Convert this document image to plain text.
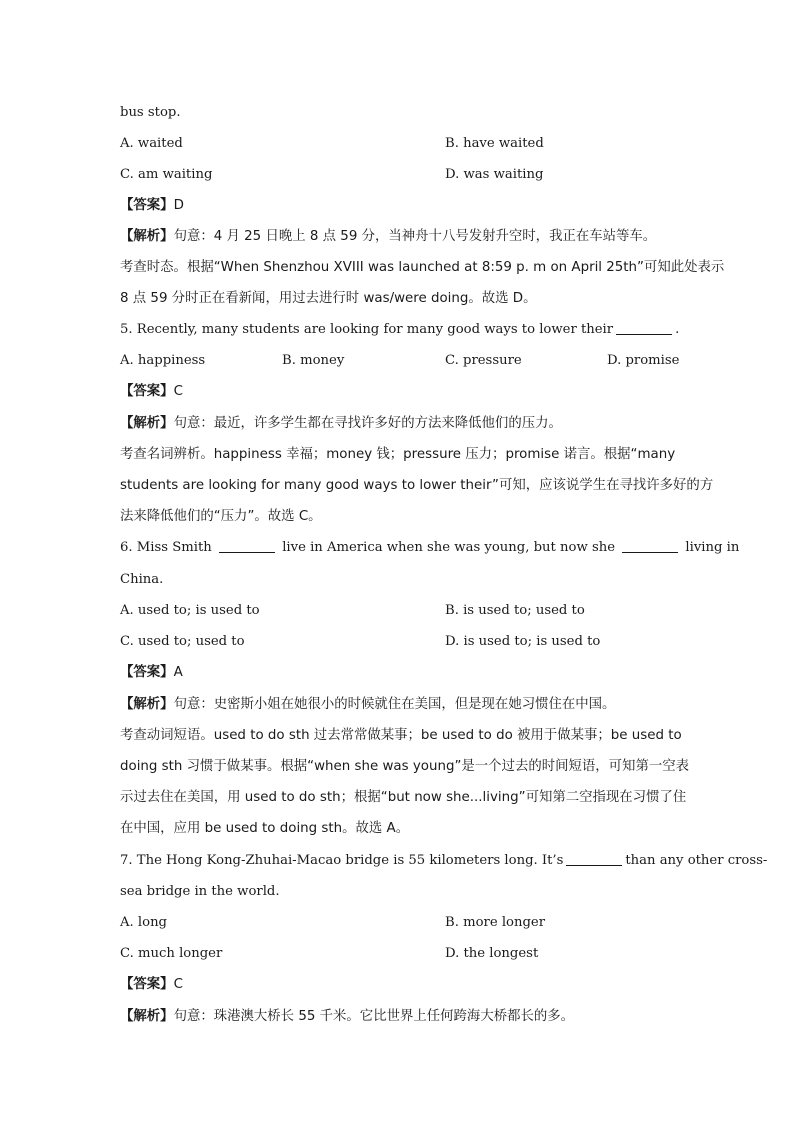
bus stop.
A. waited	B. have waited
C. am waiting	D. was waiting
【答案】D
【解析】句意：4 月 25 日晚上 8 点 59 分，当神舟十八号发射升空时，我正在车站等车。
考查时态。根据“When Shenzhou XVIII was launched at 8:59 p. m on April 25th”可知此处表示
8 点 59 分时正在看新闻，用过去进行时 was/were doing。故选 D。
5. Recently, many students are looking for many good ways to lower their	.
A. happiness	B. money	C. pressure	D. promise
【答案】C
【解析】句意：最近，许多学生都在寻找许多好的方法来降低他们的压力。
考查名词辨析。happiness 幸福；money 钱；pressure 压力；promise 诺言。根据“many
students are looking for many good ways to lower their”可知，应该说学生在寻找许多好的方
法来降低他们的“压力”。故选 C。
6. Miss Smith	live in America when she was young, but now she	living in
China.
A. used to; is used to	B. is used to; used to
C. used to; used to	D. is used to; is used to
【答案】A
【解析】句意：史密斯小姐在她很小的时候就住在美国，但是现在她习惯住在中国。
考查动词短语。used to do sth 过去常常做某事；be used to do 被用于做某事；be used to
doing sth 习惯于做某事。根据“when she was young”是一个过去的时间短语，可知第一空表
示过去住在美国，用 used to do sth；根据“but now she...living”可知第二空指现在习惯了住
在中国，应用 be used to doing sth。故选 A。
7. The Hong Kong-Zhuhai-Macao bridge is 55 kilometers long. It’s	than any other cross-
sea bridge in the world.
A. long	B. more longer
C. much longer	D. the longest
【答案】C
【解析】句意：珠港澳大桥长 55 千米。它比世界上任何跨海大桥都长的多。
